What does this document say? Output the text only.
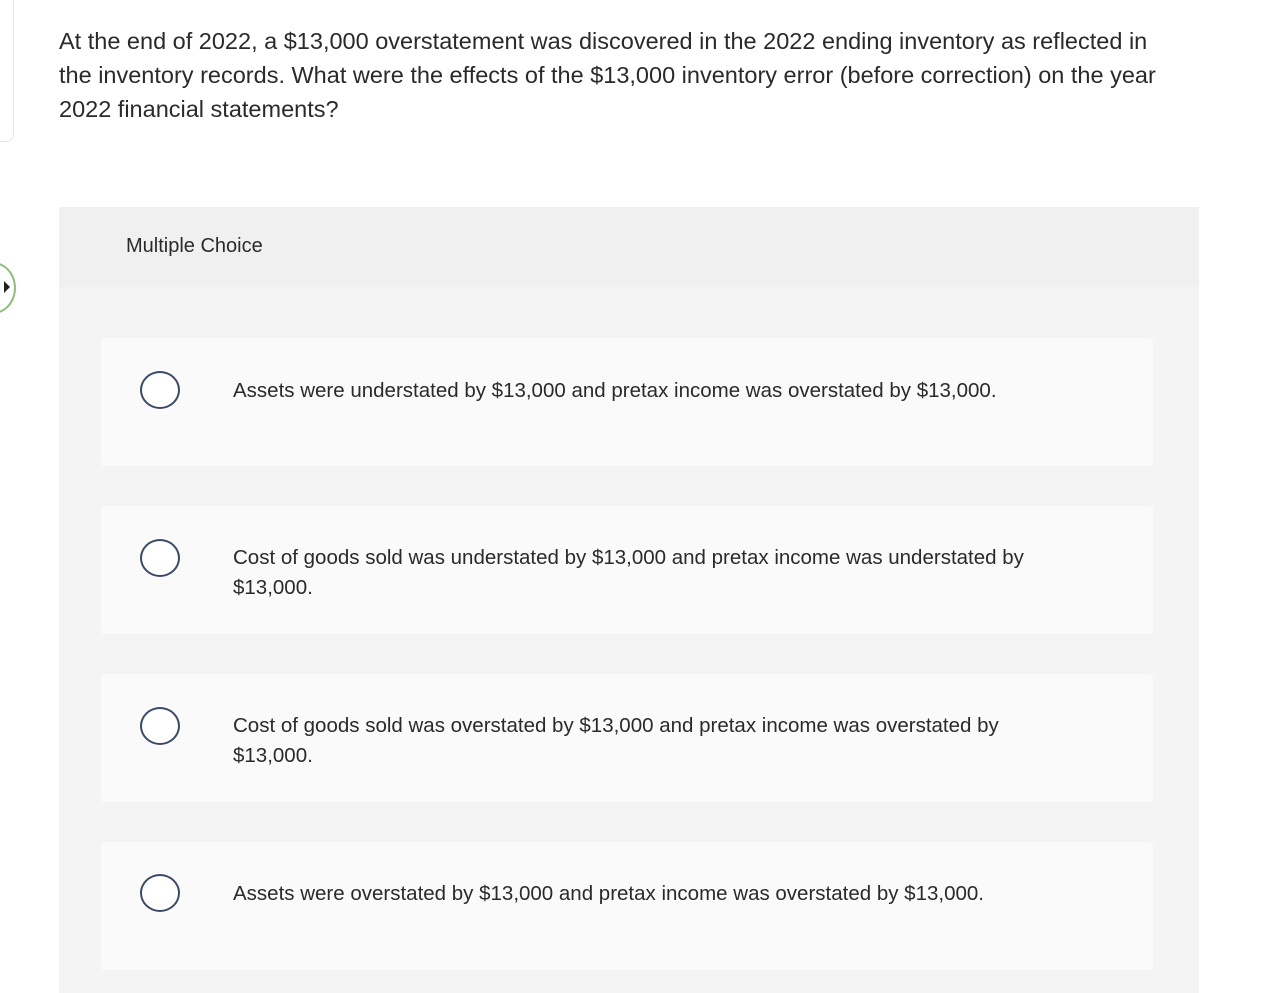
At the end of 2022, a $13,000 overstatement was discovered in the 2022 ending inventory as reflected in the inventory records. What were the effects of the $13,000 inventory error (before correction) on the year 2022 financial statements?

Multiple Choice
Assets were understated by $13,000 and pretax income was overstated by $13,000.
Cost of goods sold was understated by $13,000 and pretax income was understated by $13,000.
Cost of goods sold was overstated by $13,000 and pretax income was overstated by $13,000.
Assets were overstated by $13,000 and pretax income was overstated by $13,000.
